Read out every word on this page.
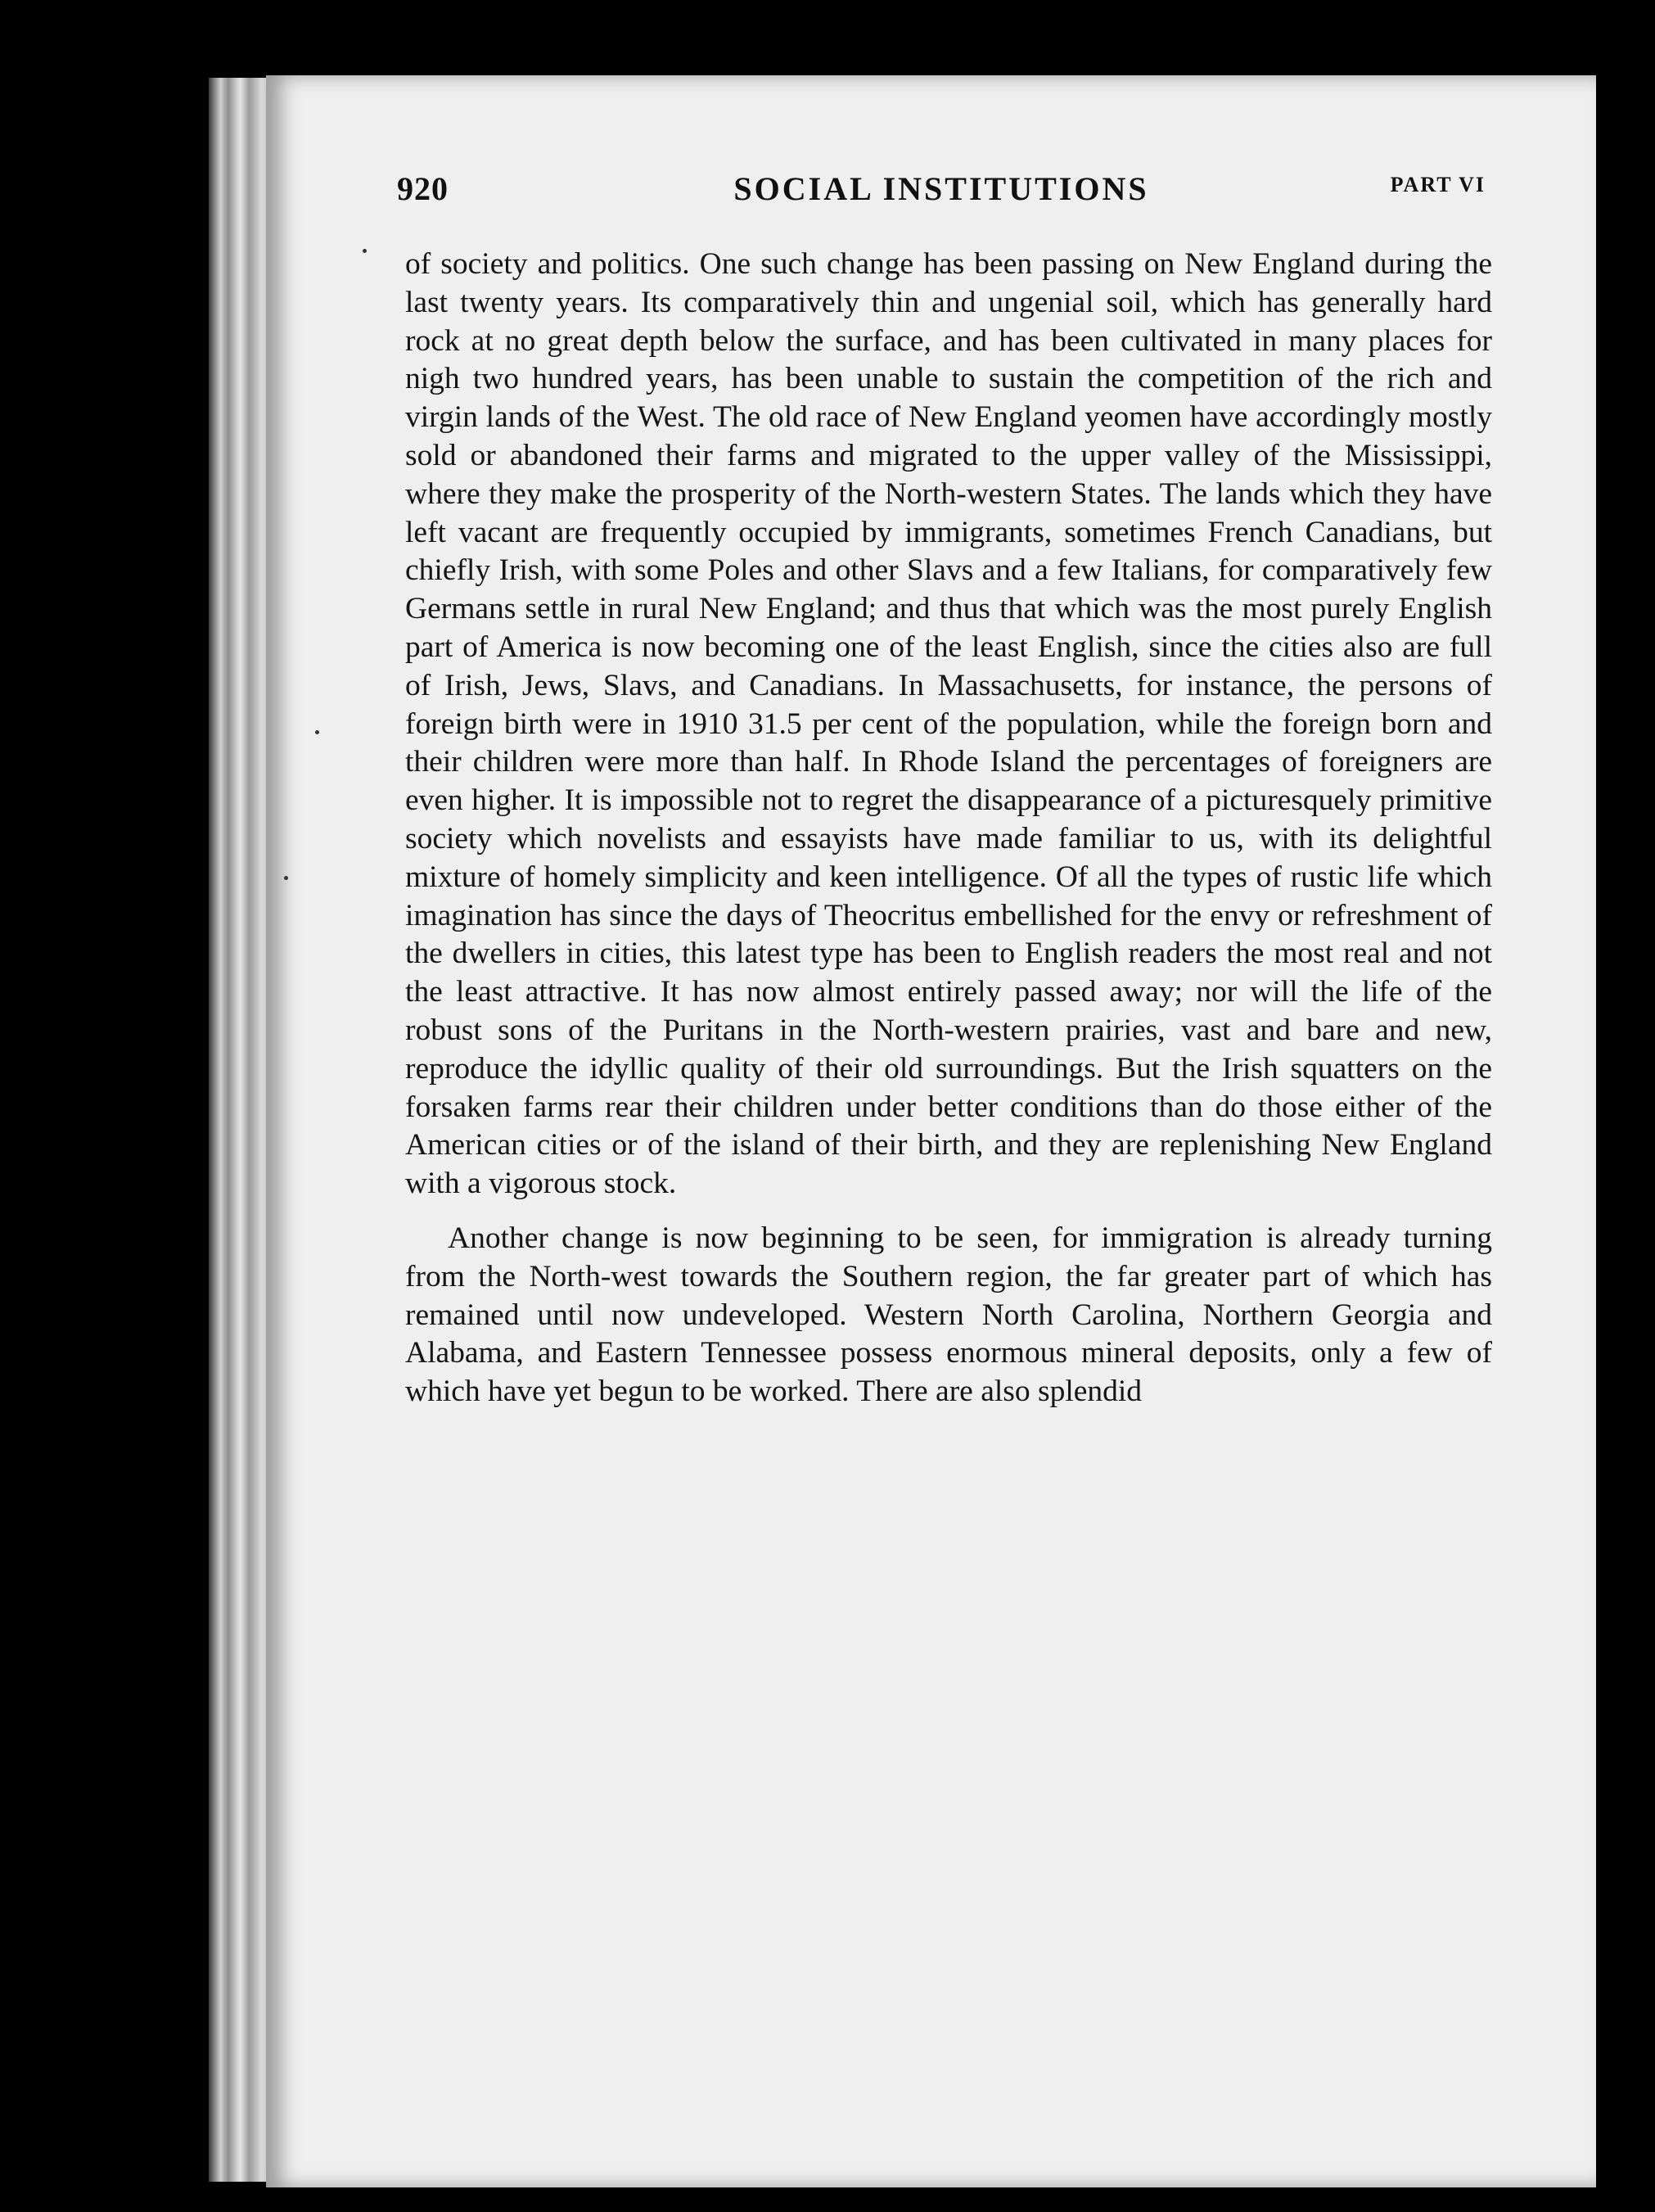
920	SOCIAL INSTITUTIONS	PART VI

of society and politics. One such change has been passing on New England during the last twenty years. Its comparatively thin and ungenial soil, which has generally hard rock at no great depth below the surface, and has been cultivated in many places for nigh two hundred years, has been unable to sustain the competition of the rich and virgin lands of the West. The old race of New England yeomen have accordingly mostly sold or abandoned their farms and migrated to the upper valley of the Mississippi, where they make the prosperity of the North-western States. The lands which they have left vacant are frequently occupied by immigrants, sometimes French Canadians, but chiefly Irish, with some Poles and other Slavs and a few Italians, for comparatively few Germans settle in rural New England; and thus that which was the most purely English part of America is now becoming one of the least English, since the cities also are full of Irish, Jews, Slavs, and Canadians. In Massachusetts, for instance, the persons of foreign birth were in 1910 31.5 per cent of the population, while the foreign born and their children were more than half. In Rhode Island the percentages of foreigners are even higher. It is impossible not to regret the disappearance of a picturesquely primitive society which novelists and essayists have made familiar to us, with its delightful mixture of homely simplicity and keen intelligence. Of all the types of rustic life which imagination has since the days of Theocritus embellished for the envy or refreshment of the dwellers in cities, this latest type has been to English readers the most real and not the least attractive. It has now almost entirely passed away; nor will the life of the robust sons of the Puritans in the North-western prairies, vast and bare and new, reproduce the idyllic quality of their old surroundings. But the Irish squatters on the forsaken farms rear their children under better conditions than do those either of the American cities or of the island of their birth, and they are replenishing New England with a vigorous stock.

Another change is now beginning to be seen, for immigration is already turning from the North-west towards the Southern region, the far greater part of which has remained until now undeveloped. Western North Carolina, Northern Georgia and Alabama, and Eastern Tennessee possess enormous mineral deposits, only a few of which have yet begun to be worked. There are also splendid
